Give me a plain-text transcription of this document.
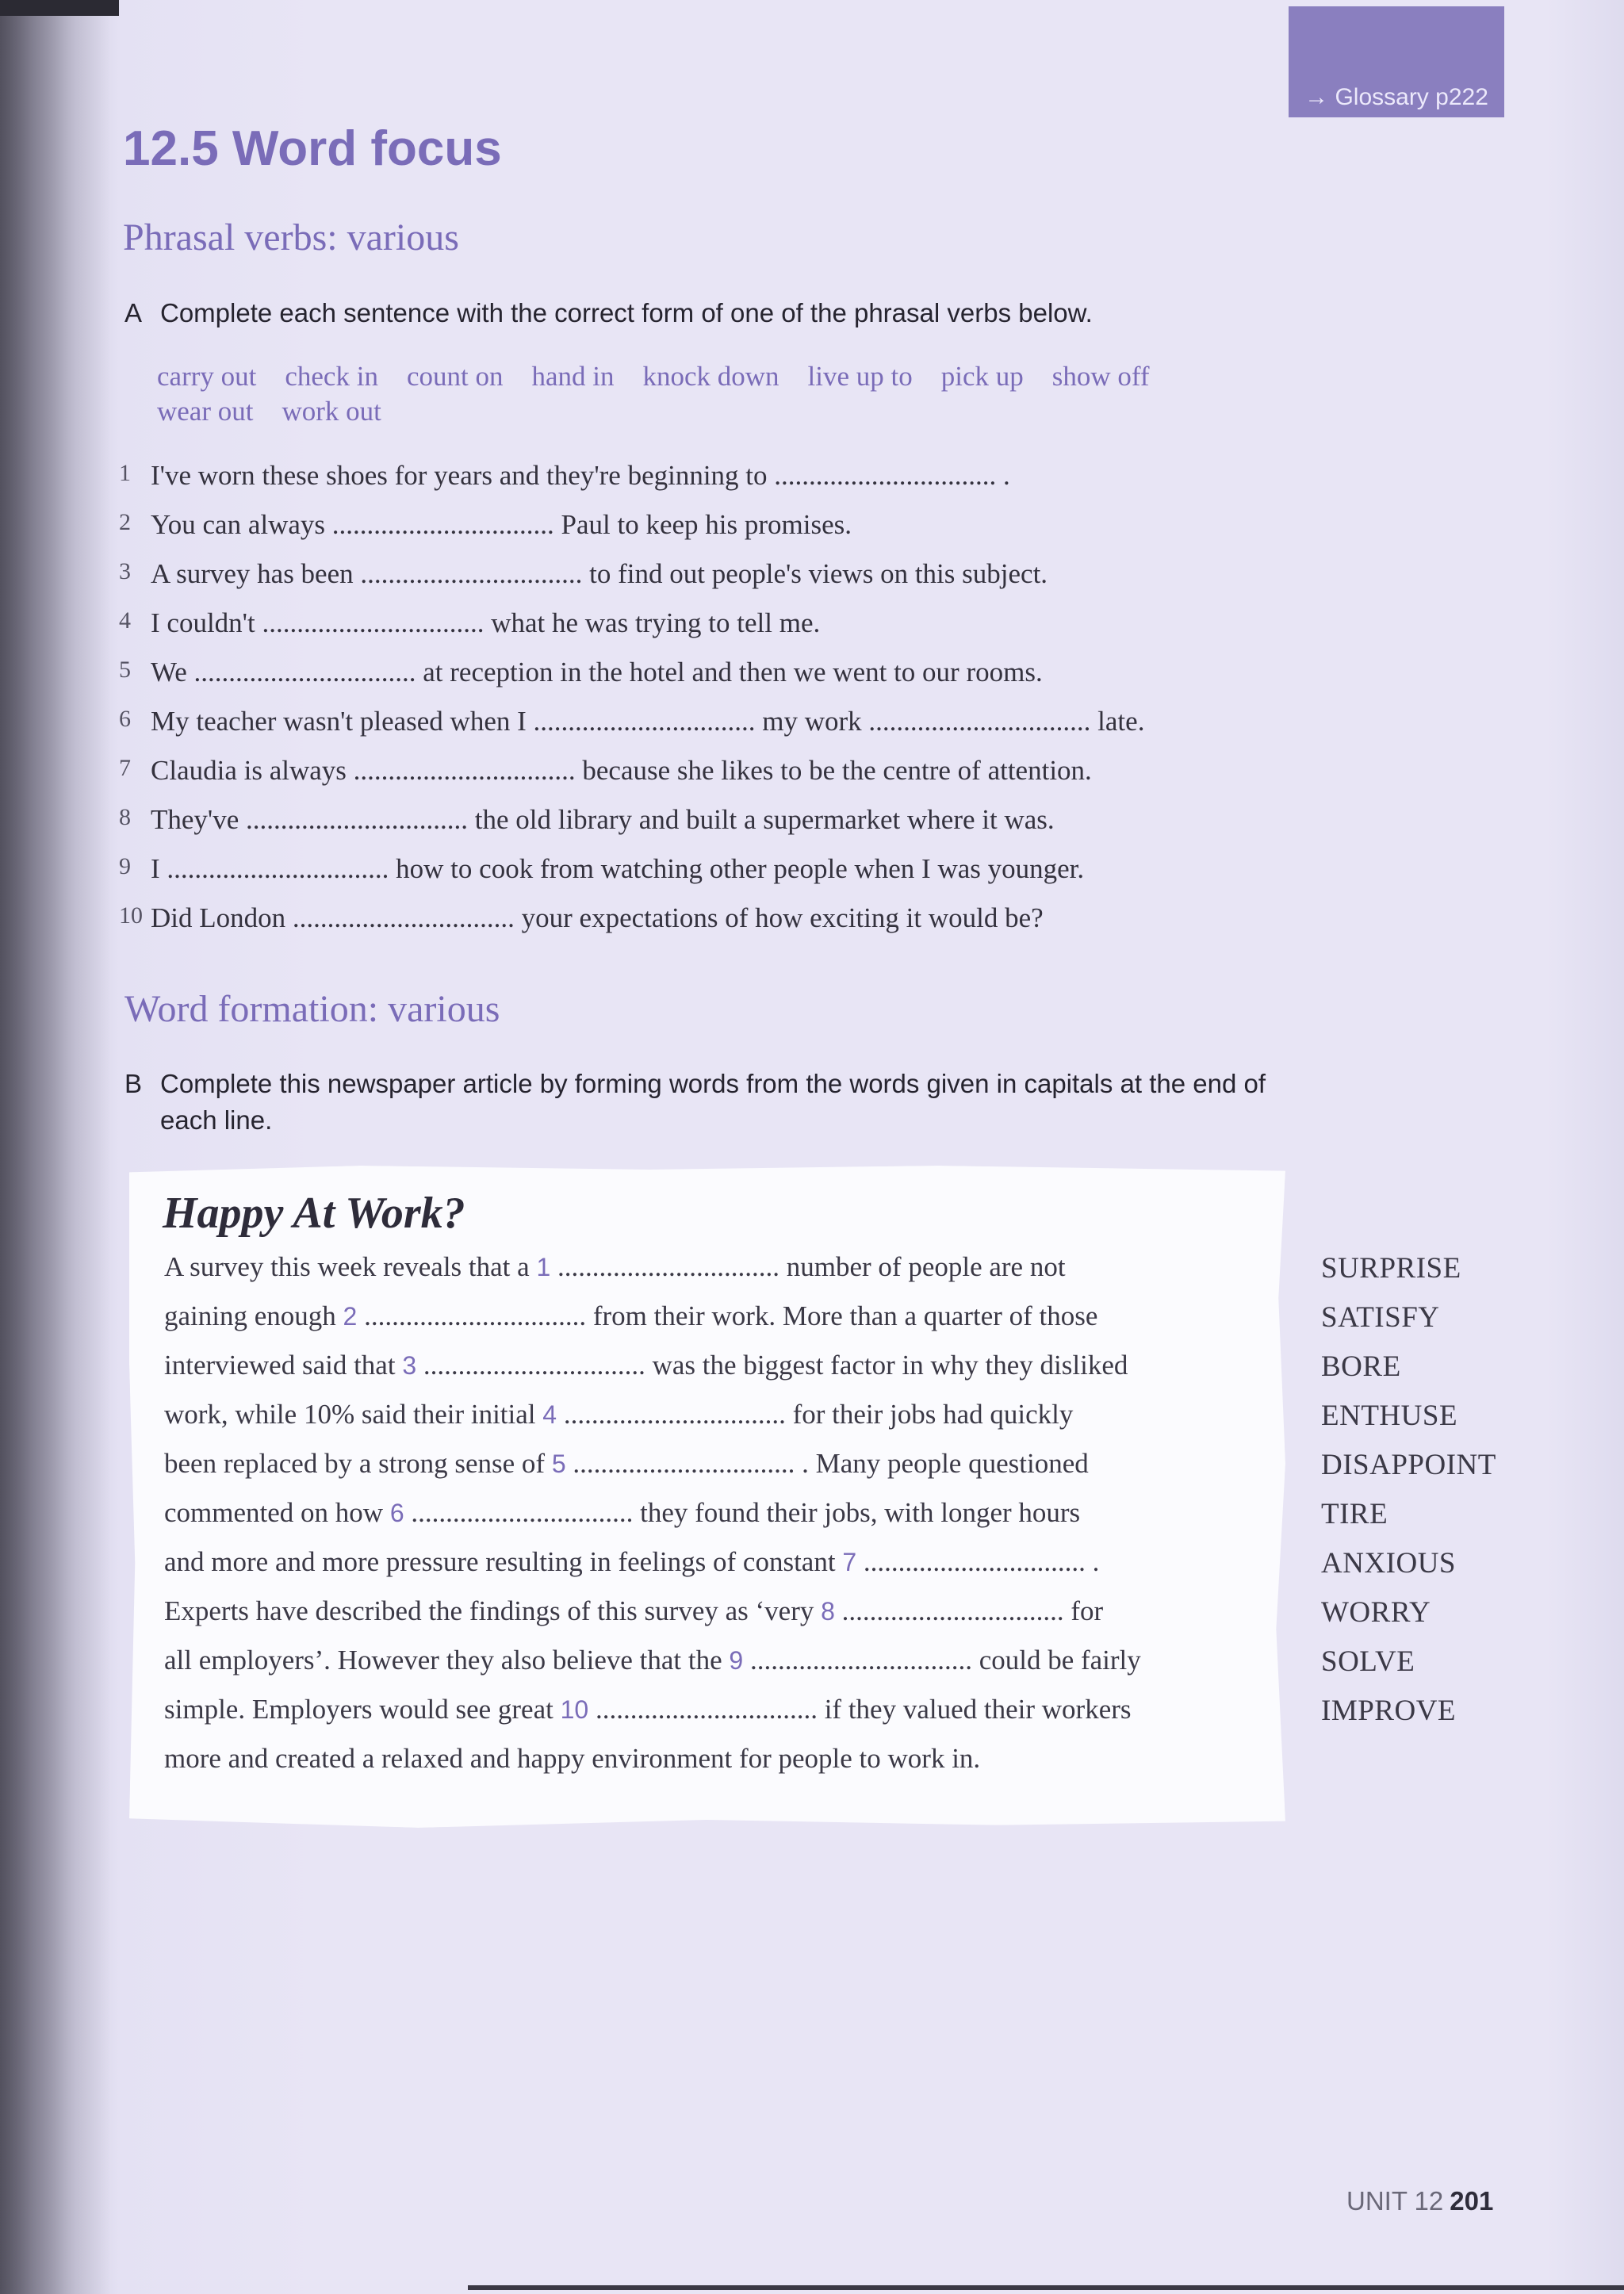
→ Glossary p222
12.5 Word focus
Phrasal verbs: various
A Complete each sentence with the correct form of one of the phrasal verbs below.
carry out check in count on hand in knock down live up to pick up show offwear out work out
1 I've worn these shoes for years and they're beginning to ................................ .
2 You can always ................................ Paul to keep his promises.
3 A survey has been ................................ to find out people's views on this subject.
4 I couldn't ................................ what he was trying to tell me.
5 We ................................ at reception in the hotel and then we went to our rooms.
6 My teacher wasn't pleased when I ................................ my work ................................ late.
7 Claudia is always ................................ because she likes to be the centre of attention.
8 They've ................................ the old library and built a supermarket where it was.
9 I ................................ how to cook from watching other people when I was younger.
10 Did London ................................ your expectations of how exciting it would be?
Word formation: various
B Complete this newspaper article by forming words from the words given in capitals at the end of
each line.
Happy At Work?
A survey this week reveals that a 1 ................................ number of people are not
gaining enough 2 ................................ from their work. More than a quarter of those
interviewed said that 3 ................................ was the biggest factor in why they disliked
work, while 10% said their initial 4 ................................ for their jobs had quickly
been replaced by a strong sense of 5 ................................ . Many people questioned
commented on how 6 ................................ they found their jobs, with longer hours
and more and more pressure resulting in feelings of constant 7 ................................ .
Experts have described the findings of this survey as ‘very 8 ................................ for
all employers’. However they also believe that the 9 ................................ could be fairly
simple. Employers would see great 10 ................................ if they valued their workers
more and created a relaxed and happy environment for people to work in.
SURPRISE
SATISFY
BORE
ENTHUSE
DISAPPOINT
TIRE
ANXIOUS
WORRY
SOLVE
IMPROVE
UNIT 12 201
